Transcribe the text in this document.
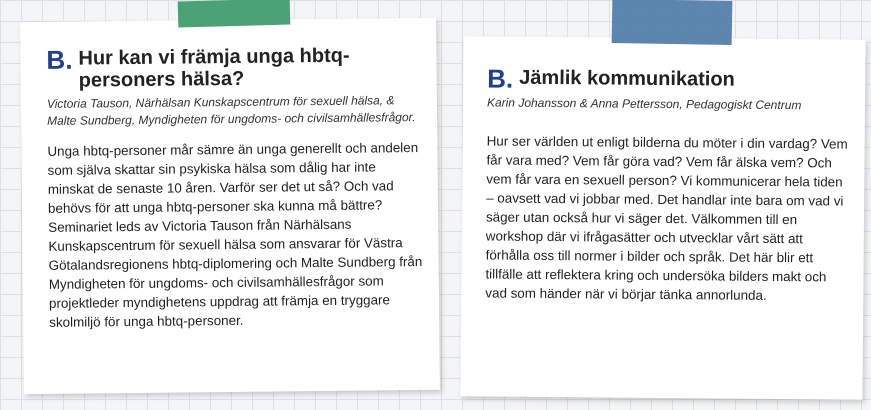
B. Hur kan vi främja unga hbtq-personers hälsa?
Victoria Tauson, Närhälsan Kunskapscentrum för sexuell hälsa, & Malte Sundberg, Myndigheten för ungdoms- och civilsamhällesfrågor.
Unga hbtq-personer mår sämre än unga generellt och andelen som själva skattar sin psykiska hälsa som dålig har inte minskat de senaste 10 åren. Varför ser det ut så? Och vad behövs för att unga hbtq-personer ska kunna må bättre? Seminariet leds av Victoria Tauson från Närhälsans Kunskapscentrum för sexuell hälsa som ansvarar för Västra Götalandsregionens hbtq-diplomering och Malte Sundberg från Myndigheten för ungdoms- och civilsamhällesfrågor som projektleder myndighetens uppdrag att främja en tryggare skolmiljö för unga hbtq-personer.
B. Jämlik kommunikation
Karin Johansson & Anna Pettersson, Pedagogiskt Centrum
Hur ser världen ut enligt bilderna du möter i din vardag? Vem får vara med? Vem får göra vad? Vem får älska vem? Och vem får vara en sexuell person? Vi kommunicerar hela tiden – oavsett vad vi jobbar med. Det handlar inte bara om vad vi säger utan också hur vi säger det. Välkommen till en workshop där vi ifrågasätter och utvecklar vårt sätt att förhålla oss till normer i bilder och språk. Det här blir ett tillfälle att reflektera kring och undersöka bilders makt och vad som händer när vi börjar tänka annorlunda.
